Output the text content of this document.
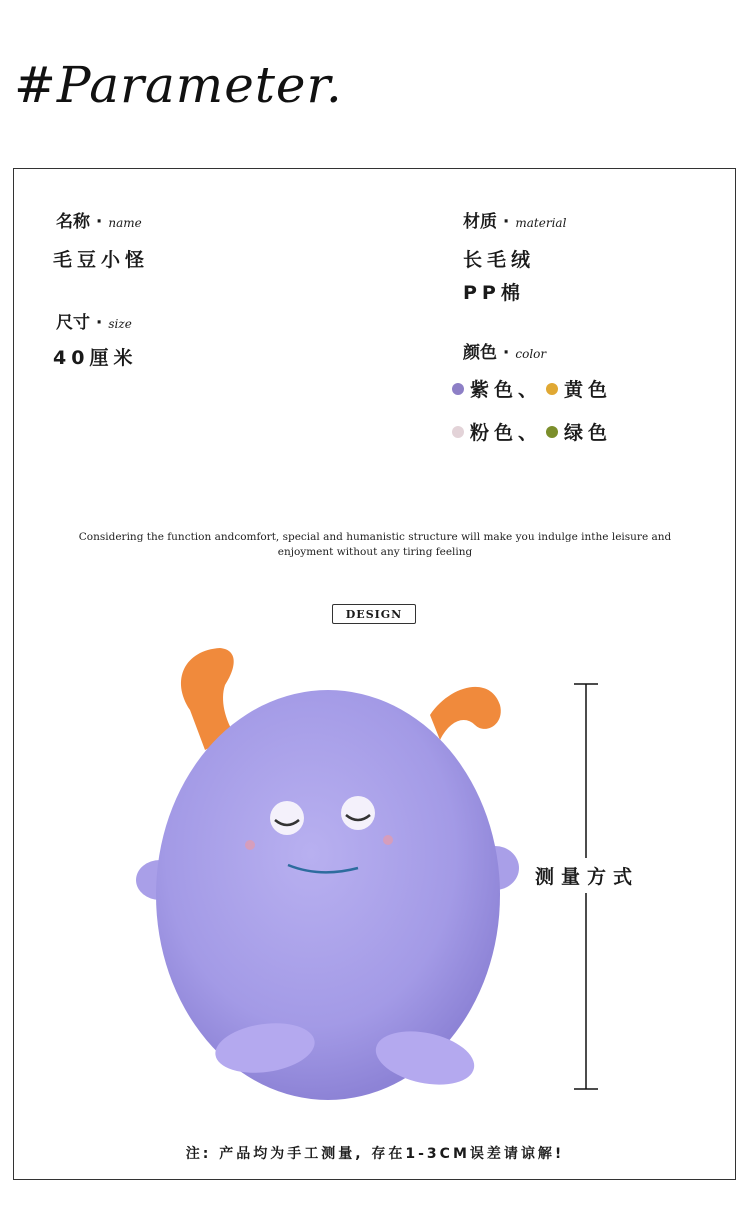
#Parameter.
名称 · name
毛豆小怪
尺寸 · size
40厘米
材质 · material
长毛绒
PP棉
颜色 · color
紫色、 黄色
粉色、 绿色
Considering the function andcomfort, special and humanistic structure will make you indulge inthe leisure and enjoyment without any tiring feeling
DESIGN
测量方式
注: 产品均为手工测量, 存在1-3CM误差请谅解!
